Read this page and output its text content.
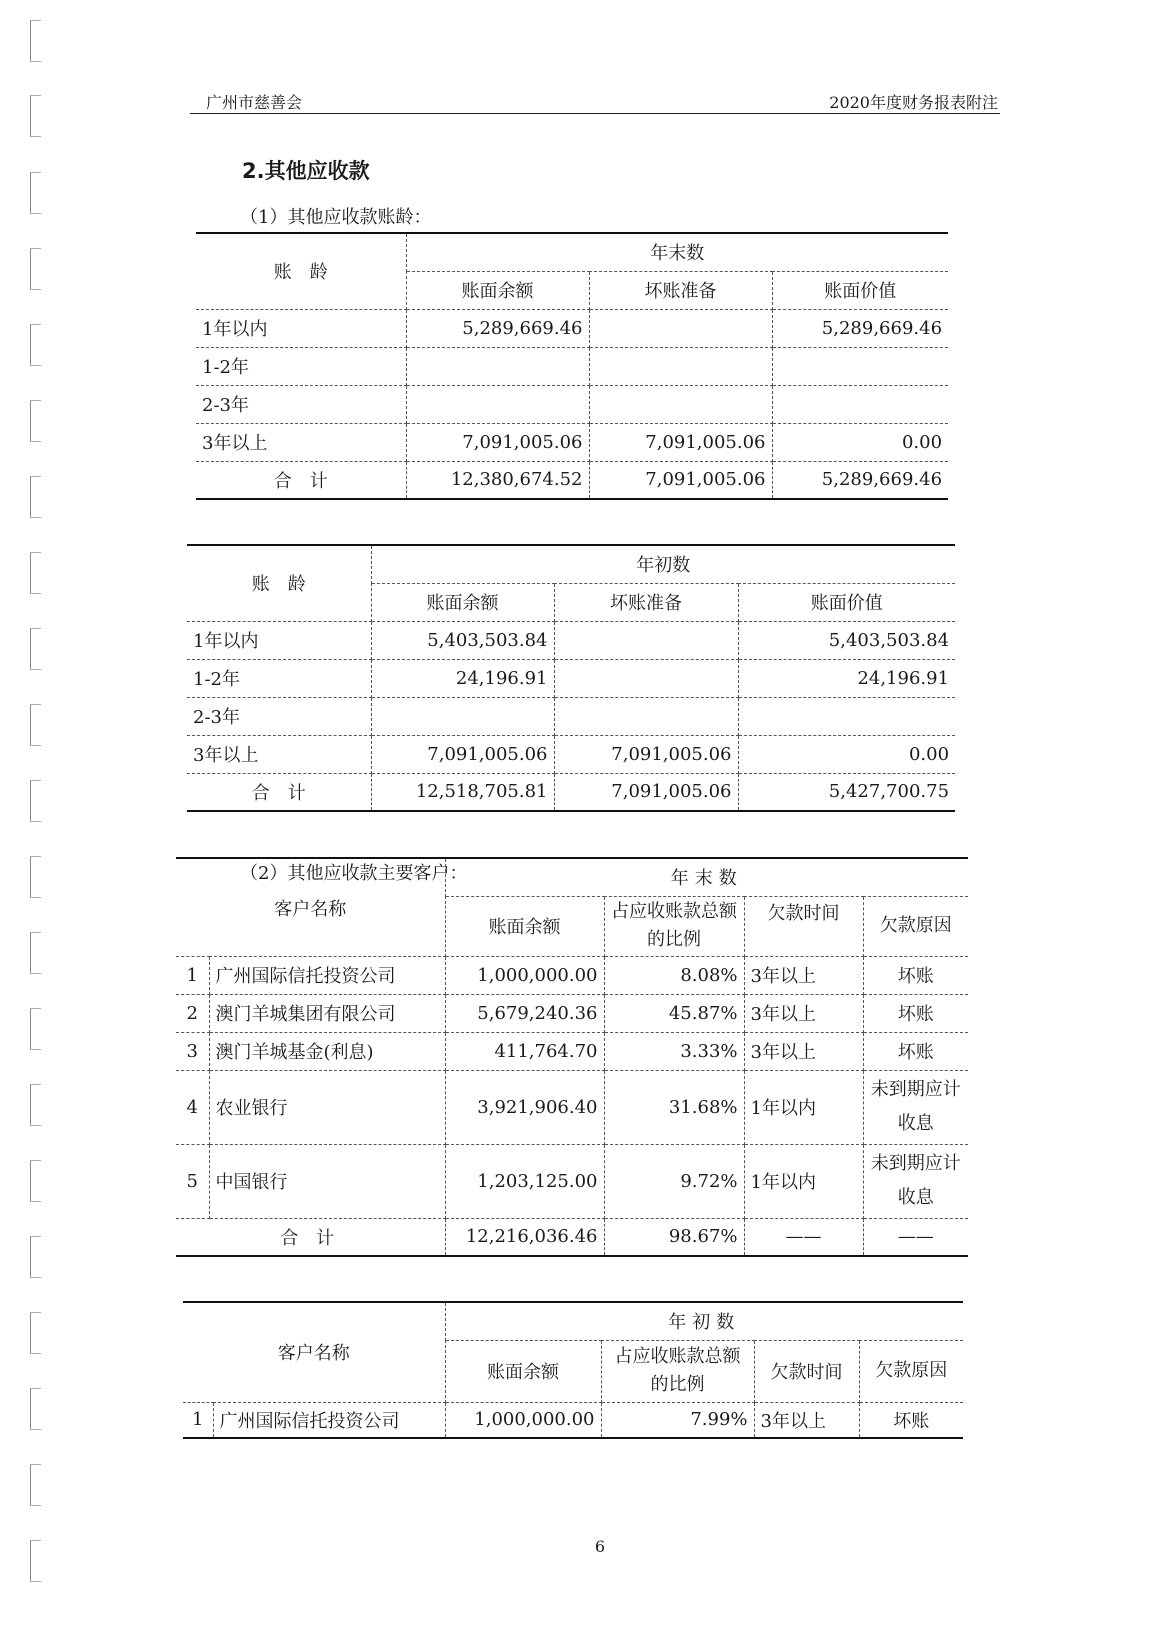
广州市慈善会	2020年度财务报表附注
2.其他应收款
（1）其他应收款账龄：
账　龄	年末数		
	账面余额	坏账准备	账面价值
1年以内	5,289,669.46		5,289,669.46
1-2年			
2-3年			
3年以上	7,091,005.06	7,091,005.06	0.00
合　计	12,380,674.52	7,091,005.06	5,289,669.46
账　龄	年初数		
	账面余额	坏账准备	账面价值
1年以内	5,403,503.84		5,403,503.84
1-2年	24,196.91		24,196.91
2-3年			
3年以上	7,091,005.06	7,091,005.06	0.00
合　计	12,518,705.81	7,091,005.06	5,427,700.75
（2）其他应收款主要客户：
客户名称		年末数			
		账面余额	占应收账款总额的比例	欠款时间	欠款原因
1	广州国际信托投资公司	1,000,000.00	8.08%	3年以上	坏账
2	澳门羊城集团有限公司	5,679,240.36	45.87%	3年以上	坏账
3	澳门羊城基金(利息)	411,764.70	3.33%	3年以上	坏账
4	农业银行	3,921,906.40	31.68%	1年以内	未到期应计收息
5	中国银行	1,203,125.00	9.72%	1年以内	未到期应计收息
合 计		12,216,036.46	98.67%	——	——
客户名称		年初数			
		账面余额	占应收账款总额的比例	欠款时间	欠款原因
1	广州国际信托投资公司	1,000,000.00	7.99%	3年以上	坏账
6
